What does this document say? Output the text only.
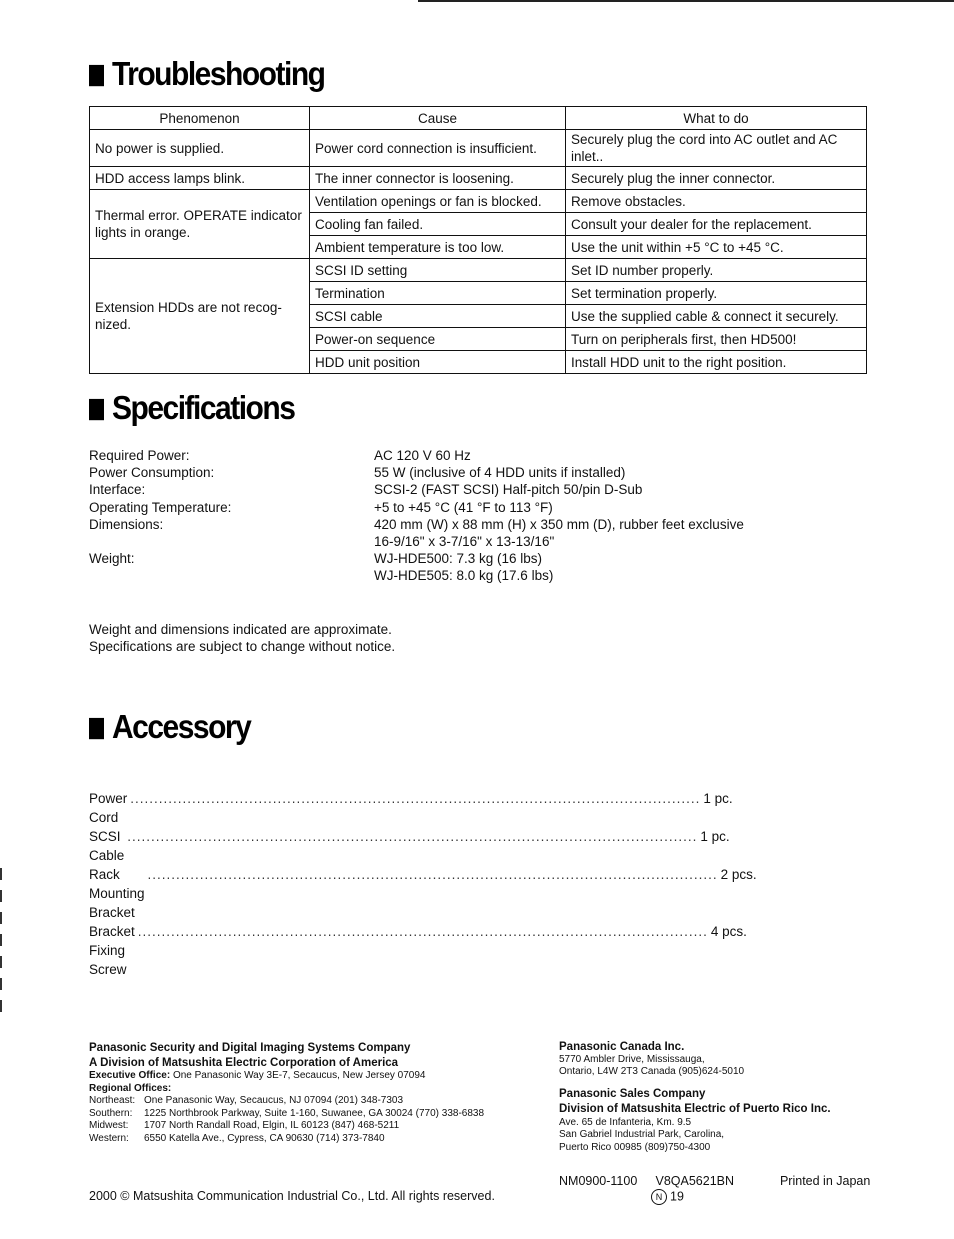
Troubleshooting
Phenomenon	Cause	What to do
No power is supplied.	Power cord connection is insufficient.	Securely plug the cord into AC outlet and AC inlet..
HDD access lamps blink.	The inner connector is loosening.	Securely plug the inner connector.
Thermal error. OPERATE indicator lights in orange.	Ventilation openings or fan is blocked.	Remove obstacles.
	Cooling fan failed.	Consult your dealer for the replacement.
	Ambient temperature is too low.	Use the unit within +5 °C to +45 °C.
Extension HDDs are not recognized.	SCSI ID setting	Set ID number properly.
	Termination	Set termination properly.
	SCSI cable	Use the supplied cable & connect it securely.
	Power-on sequence	Turn on peripherals first, then HD500!
	HDD unit position	Install HDD unit to the right position.
Specifications
Required Power:	AC 120 V 60 Hz
Power Consumption:	55 W (inclusive of 4 HDD units if installed)
Interface:	SCSI-2 (FAST SCSI) Half-pitch 50/pin D-Sub
Operating Temperature:	+5 to +45 °C (41 °F to 113 °F)
Dimensions:	420 mm (W) x 88 mm (H) x 350 mm (D), rubber feet exclusive
16-9/16" x 3-7/16" x 13-13/16"
Weight:	WJ-HDE500: 7.3 kg (16 lbs)
WJ-HDE505: 8.0 kg (17.6 lbs)
Weight and dimensions indicated are approximate.
Specifications are subject to change without notice.
Accessory
Power Cord
........................................................................................................................ 1 pc.
SCSI Cable
........................................................................................................................ 1 pc.
Rack Mounting Bracket
........................................................................................................................ 2 pcs.
Bracket Fixing Screw
........................................................................................................................ 4 pcs.
Panasonic Security and Digital Imaging Systems Company
A Division of Matsushita Electric Corporation of America
Executive Office: One Panasonic Way 3E-7, Secaucus, New Jersey 07094
Regional Offices:
Northeast: One Panasonic Way, Secaucus, NJ 07094 (201) 348-7303
Southern:	1225 Northbrook Parkway, Suite 1-160, Suwanee, GA 30024 (770) 338-6838
Midwest:	1707 North Randall Road, Elgin, IL 60123 (847) 468-5211
Western:	6550 Katella Ave., Cypress, CA 90630 (714) 373-7840
Panasonic Canada Inc.
5770 Ambler Drive, Mississauga,
Ontario, L4W 2T3 Canada (905)624-5010
Panasonic Sales Company
Division of Matsushita Electric of Puerto Rico Inc.
Ave. 65 de Infanteria, Km. 9.5
San Gabriel Industrial Park, Carolina,
Puerto Rico 00985 (809)750-4300
NM0900-1100 V8QA5621BN	Printed in Japan
2000 © Matsushita Communication Industrial Co., Ltd. All rights reserved.	N 19
